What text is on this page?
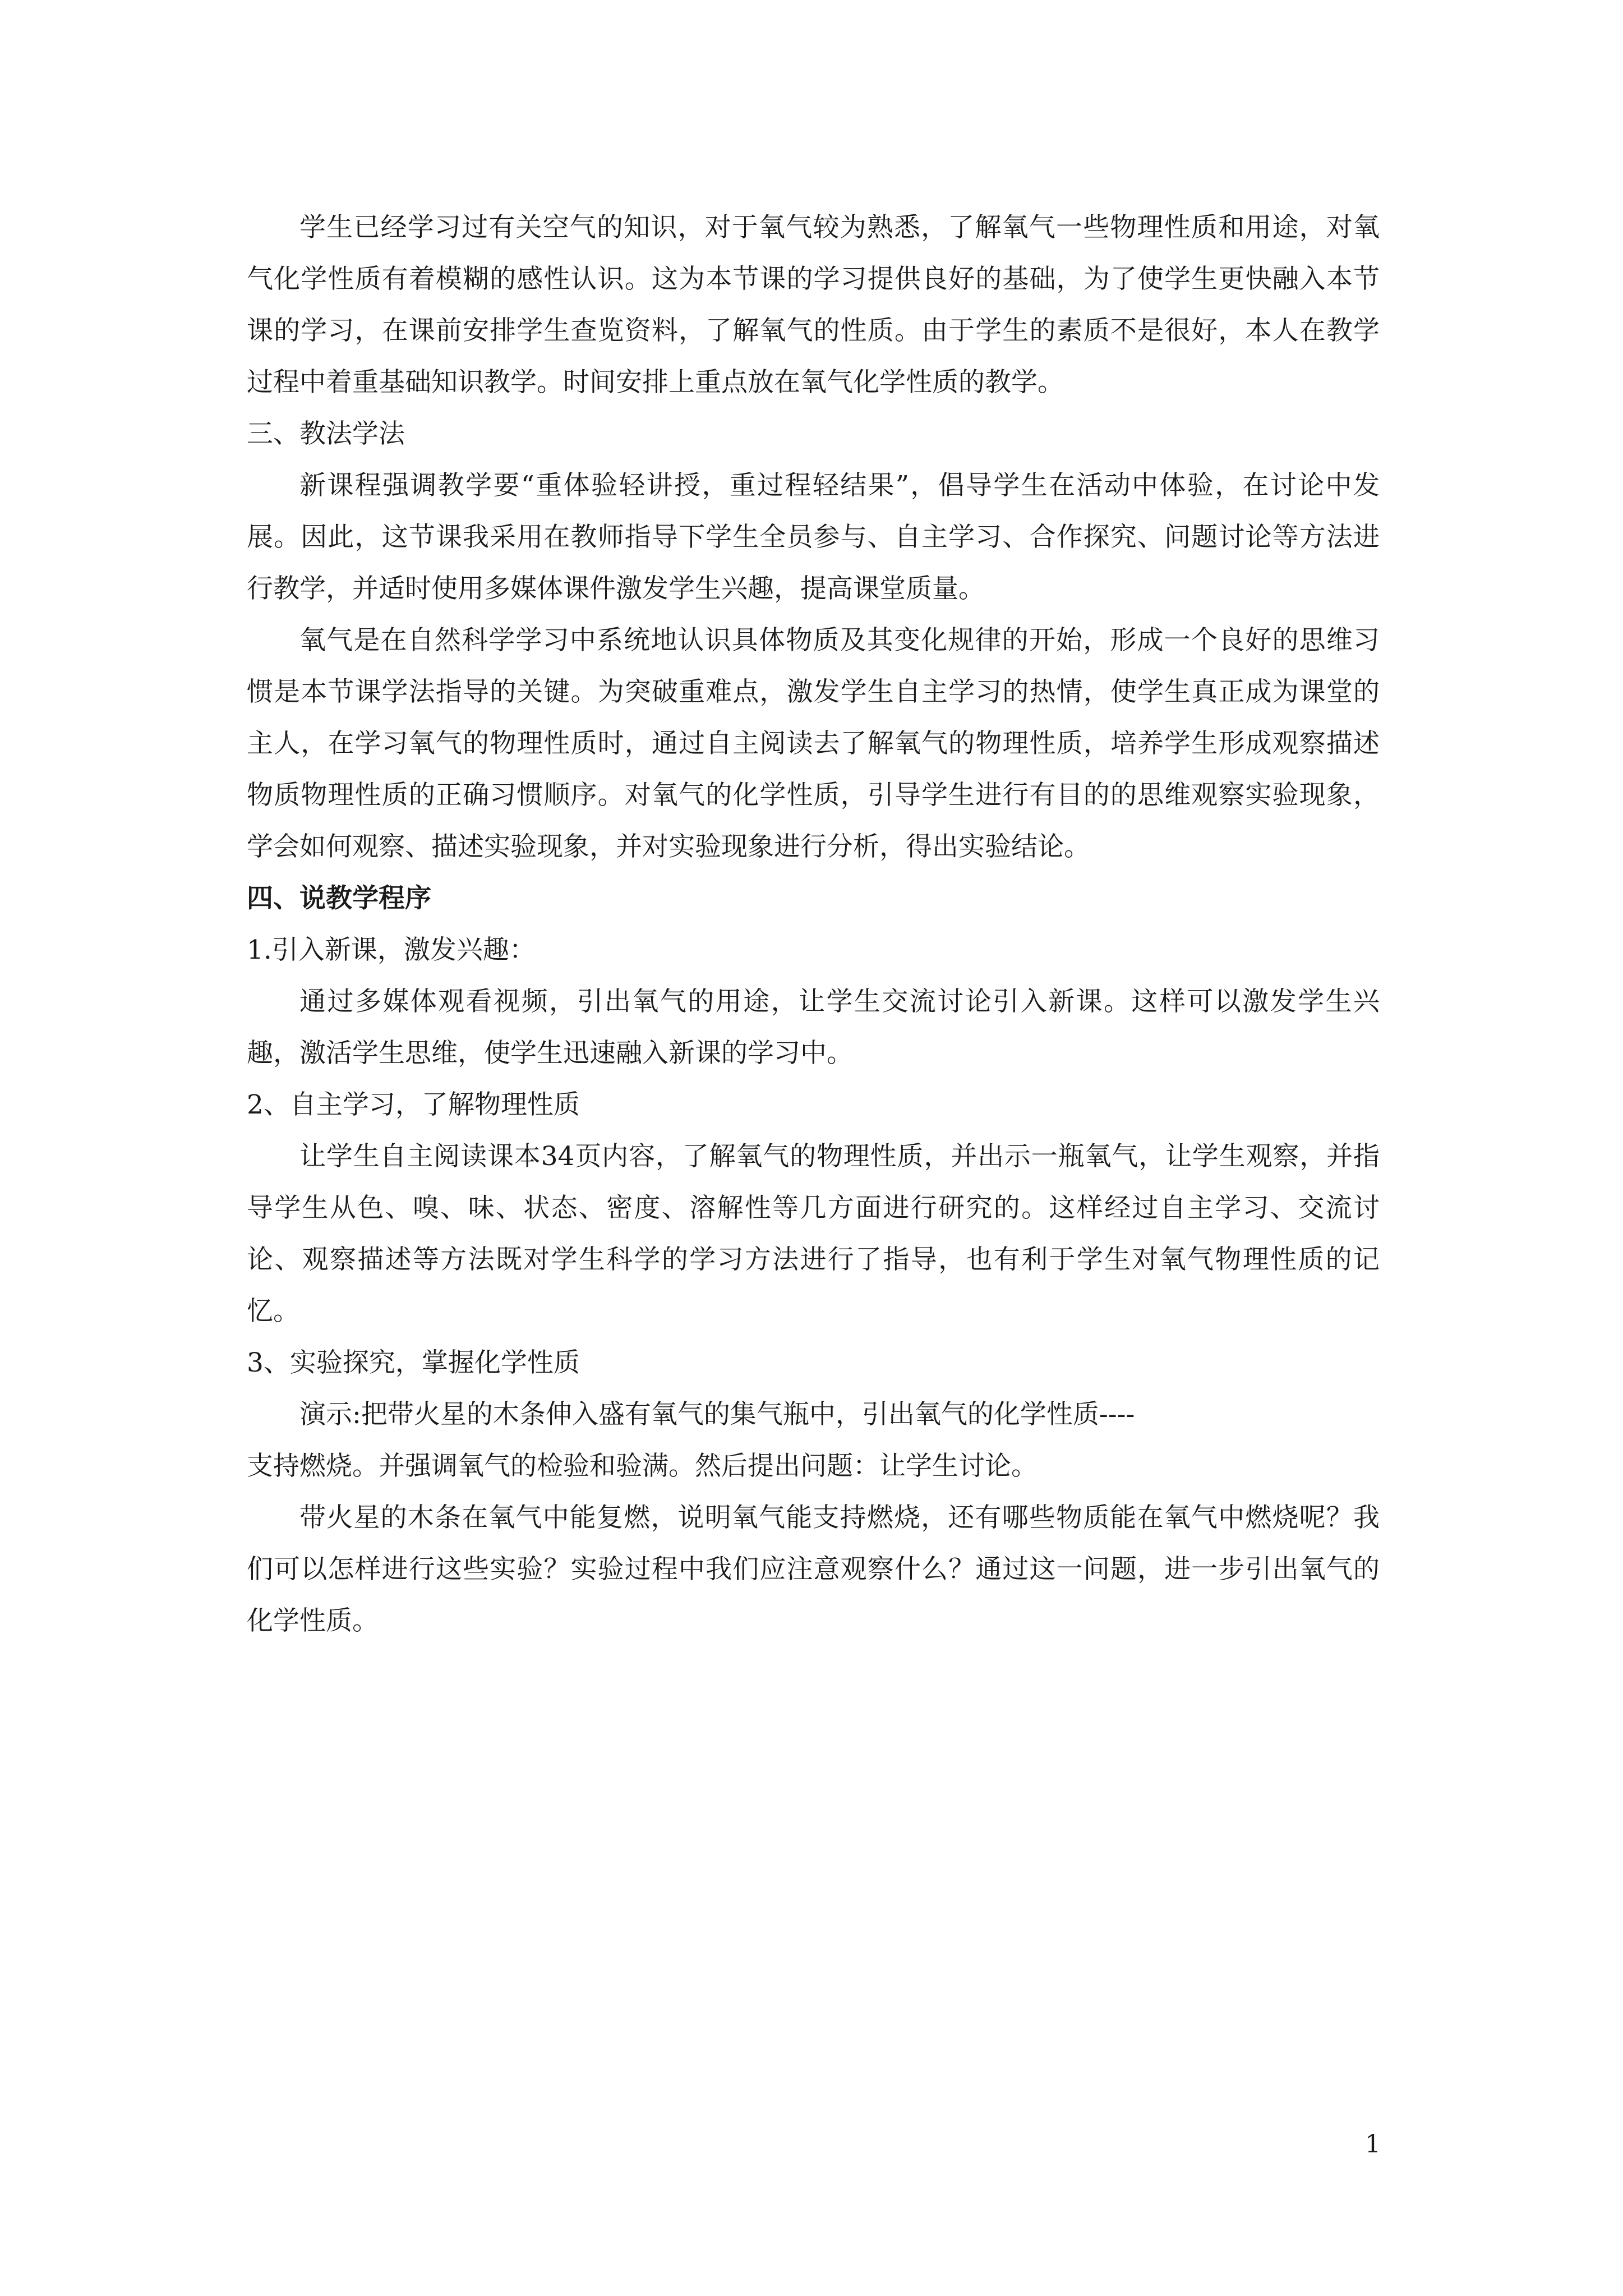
学生已经学习过有关空气的知识，对于氧气较为熟悉，了解氧气一些物理性质和用途，对氧气化学性质有着模糊的感性认识。这为本节课的学习提供良好的基础，为了使学生更快融入本节课的学习，在课前安排学生查览资料，了解氧气的性质。由于学生的素质不是很好，本人在教学过程中着重基础知识教学。时间安排上重点放在氧气化学性质的教学。

三、教法学法

新课程强调教学要“重体验轻讲授，重过程轻结果”，倡导学生在活动中体验，在讨论中发展。因此，这节课我采用在教师指导下学生全员参与、自主学习、合作探究、问题讨论等方法进行教学，并适时使用多媒体课件激发学生兴趣，提高课堂质量。

氧气是在自然科学学习中系统地认识具体物质及其变化规律的开始，形成一个良好的思维习惯是本节课学法指导的关键。为突破重难点，激发学生自主学习的热情，使学生真正成为课堂的主人，在学习氧气的物理性质时，通过自主阅读去了解氧气的物理性质，培养学生形成观察描述物质物理性质的正确习惯顺序。对氧气的化学性质，引导学生进行有目的的思维观察实验现象，学会如何观察、描述实验现象，并对实验现象进行分析，得出实验结论。

四、说教学程序

1.引入新课，激发兴趣：

通过多媒体观看视频，引出氧气的用途，让学生交流讨论引入新课。这样可以激发学生兴趣，激活学生思维，使学生迅速融入新课的学习中。

2、自主学习，了解物理性质

让学生自主阅读课本34页内容，了解氧气的物理性质，并出示一瓶氧气，让学生观察，并指导学生从色、嗅、味、状态、密度、溶解性等几方面进行研究的。这样经过自主学习、交流讨论、观察描述等方法既对学生科学的学习方法进行了指导，也有利于学生对氧气物理性质的记忆。

3、实验探究，掌握化学性质

演示:把带火星的木条伸入盛有氧气的集气瓶中，引出氧气的化学性质----

支持燃烧。并强调氧气的检验和验满。然后提出问题：让学生讨论。

带火星的木条在氧气中能复燃，说明氧气能支持燃烧，还有哪些物质能在氧气中燃烧呢？我们可以怎样进行这些实验？实验过程中我们应注意观察什么？通过这一问题，进一步引出氧气的化学性质。

1
